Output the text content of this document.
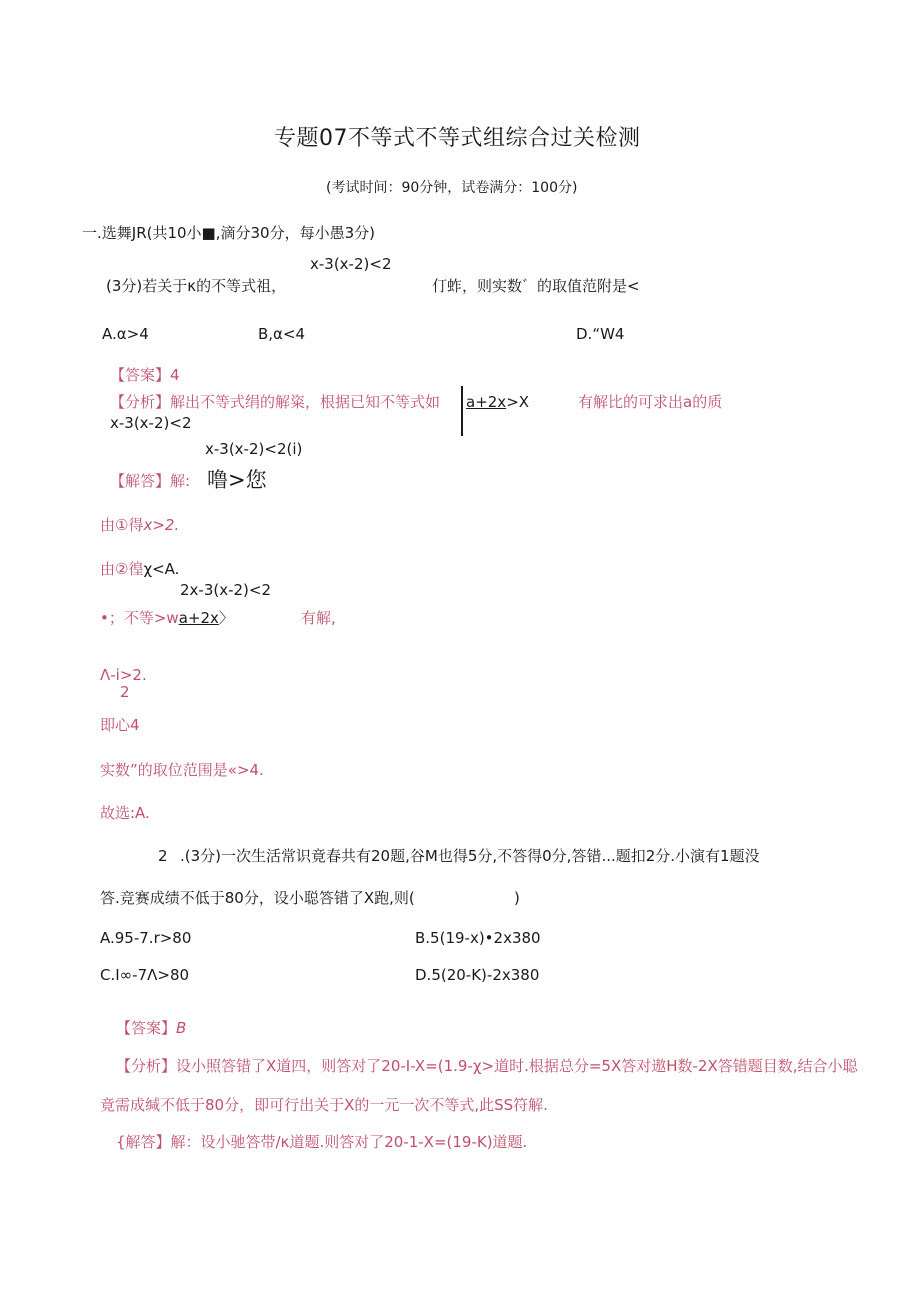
专题07不等式不等式组综合过关检测
(考试时间：90分钟，试卷满分：100分)
一.选舞JR(共10小■,滴分30分，每小愚3分)
x-3(x-2)<2
(3分)若关于κ的不等式祖，	仃蚱，则实数゛的取值范附是<
A.α>4	B,α<4	D.“W4
【答案】4
【分析】解出不等式绢的解粢，根据已知不等式如 a+2x>X	有解比的可求出a的质
x-3(x-2)<2
x-3(x-2)<2(i)
【解答】解: 噜>您
由①得x>2.
由②徨χ<A.
2x-3(x-2)<2
•；不等>wa+2x〉	有解,
Λ-i>2.
2
即心4
实数”的取位范围是«>4.
故选:A.
2 .(3分)一次生活常识竟春共有20题,谷M也得5分,不答得0分,答错...题扣2分.小演有1题没
答.竞赛成绩不低于80分，设小聪答错了X跑,则(	)
A.95-7.r>80	B.5(19-x)•2x380
C.I∞-7Λ>80	D.5(20-K)-2x380
【答案】B
【分析】设小照答错了X道四，则答对了20-I-X=(1.9-χ>道时.根据总分=5X答对遨H数-2X答错题目数,结合小聪
竟需成缄不低于80分，即可行出关于X的一元一次不等式,此SS符解.
{解答】解：设小驰答带/κ道题.则答对了20-1-X=(19-K)道题.
